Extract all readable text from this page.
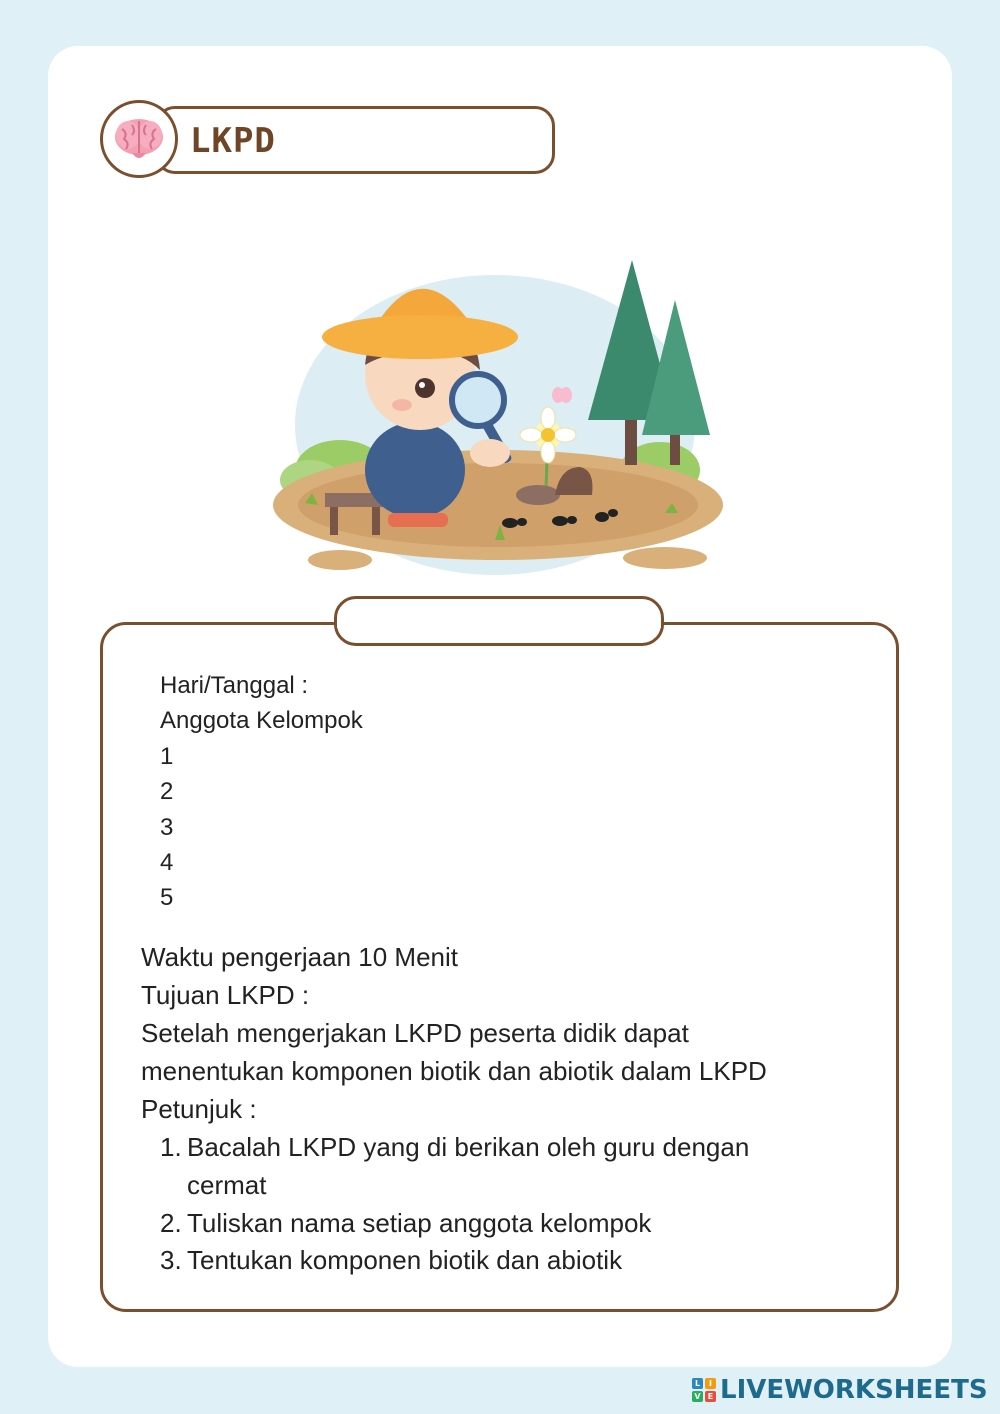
LKPD
Hari/Tanggal :
Anggota Kelompok
1
2
3
4
5
Waktu pengerjaan 10 Menit
Tujuan LKPD :
Setelah mengerjakan LKPD peserta didik dapat
menentukan komponen biotik dan abiotik dalam LKPD
Petunjuk :
1. Bacalah LKPD yang di berikan oleh guru dengan
cermat
2. Tuliskan nama setiap anggota kelompok
3. Tentukan komponen biotik dan abiotik
L	I
V E LIVEWORKSHEETS
